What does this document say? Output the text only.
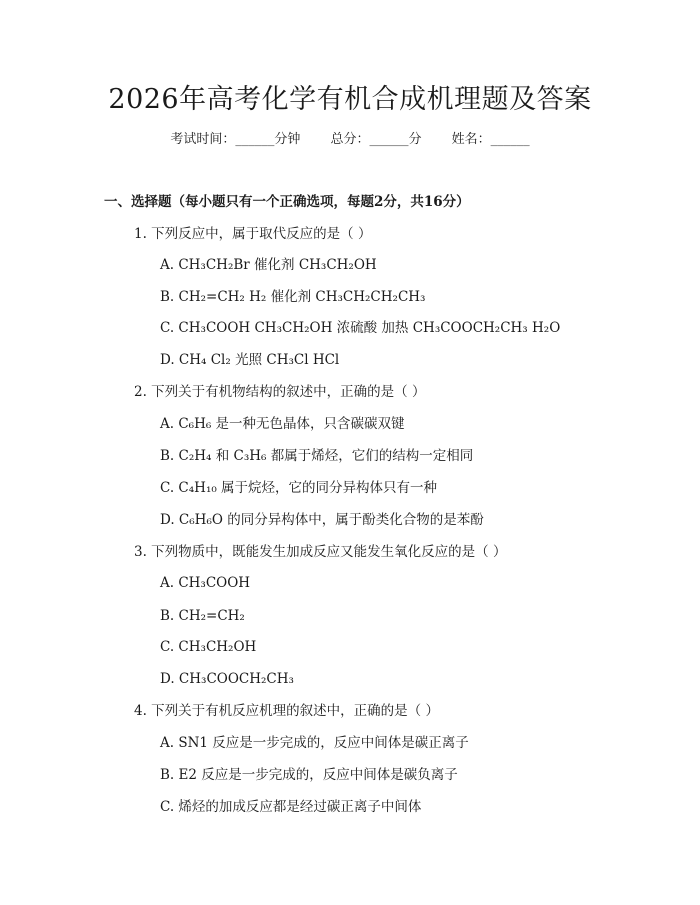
2026年高考化学有机合成机理题及答案
考试时间：______分钟 总分：______分 姓名：______
一、选择题（每小题只有一个正确选项，每题2分，共16分）
1. 下列反应中，属于取代反应的是（ ）
A. CH₃CH₂Br 催化剂 CH₃CH₂OH
B. CH₂=CH₂ H₂ 催化剂 CH₃CH₂CH₂CH₃
C. CH₃COOH CH₃CH₂OH 浓硫酸 加热 CH₃COOCH₂CH₃ H₂O
D. CH₄ Cl₂ 光照 CH₃Cl HCl
2. 下列关于有机物结构的叙述中，正确的是（ ）
A. C₆H₆ 是一种无色晶体，只含碳碳双键
B. C₂H₄ 和 C₃H₆ 都属于烯烃，它们的结构一定相同
C. C₄H₁₀ 属于烷烃，它的同分异构体只有一种
D. C₆H₆O 的同分异构体中，属于酚类化合物的是苯酚
3. 下列物质中，既能发生加成反应又能发生氧化反应的是（ ）
A. CH₃COOH
B. CH₂=CH₂
C. CH₃CH₂OH
D. CH₃COOCH₂CH₃
4. 下列关于有机反应机理的叙述中，正确的是（ ）
A. SN1 反应是一步完成的，反应中间体是碳正离子
B. E2 反应是一步完成的，反应中间体是碳负离子
C. 烯烃的加成反应都是经过碳正离子中间体
